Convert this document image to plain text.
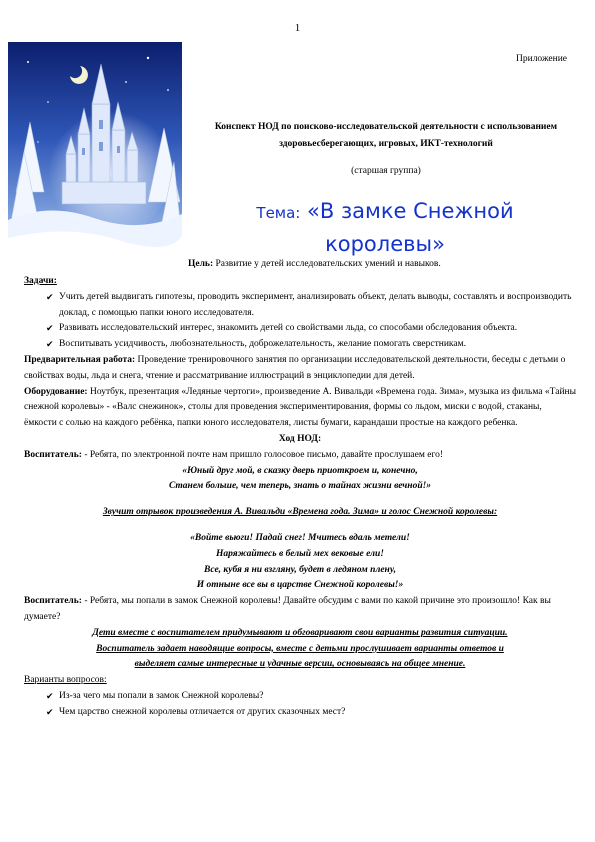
1
Приложение
Конспект НОД по поисково-исследовательской деятельности с использованием здоровьесберегающих, игровых, ИКТ-технологий
(старшая группа)
Тема: «В замке Снежной королевы»
Цель: Развитие у детей исследовательских умений и навыков.

Задачи:

✔ Учить детей выдвигать гипотезы, проводить эксперимент, анализировать объект, делать выводы, составлять и воспроизводить доклад, с помощью папки юного исследователя.
✔ Развивать исследовательский интерес, знакомить детей со свойствами льда, со способами обследования объекта.
✔ Воспитывать усидчивость, любознательность, доброжелательность, желание помогать сверстникам.

Предварительная работа: Проведение тренировочного занятия по организации исследовательской деятельности, беседы с детьми о свойствах воды, льда и снега, чтение и рассматривание иллюстраций в энциклопедии для детей.

Оборудование: Ноутбук, презентация «Ледяные чертоги», произведение А. Вивальди «Времена года. Зима», музыка из фильма «Тайны снежной королевы» - «Валс снежинок», столы для проведения экспериментирования, формы со льдом, миски с водой, стаканы, ёмкости с солью на каждого ребёнка, папки юного исследователя, листы бумаги, карандаши простые на каждого ребенка.

Ход НОД:

Воспитатель: - Ребята, по электронной почте нам пришло голосовое письмо, давайте прослушаем его!

«Юный друг мой, в сказку дверь приоткроем и, конечно,

Станем больше, чем теперь, знать о тайнах жизни вечной!»

Звучит отрывок произведения А. Вивальди «Времена года. Зима» и голос Снежной королевы:

«Войте вьюги! Падай снег! Мчитесь вдаль метели!

Наряжайтесь в белый мех вековые ели!

Все, кубя я ни взгляну, будет в ледяном плену,

И отныне все вы в царстве Снежной королевы!»

Воспитатель: - Ребята, мы попали в замок Снежной королевы! Давайте обсудим с вами по какой причине это произошло! Как вы думаете?

Дети вместе с воспитателем придумывают и обговаривают свои варианты развития ситуации.

Воспитатель задает наводящие вопросы, вместе с детьми прослушивает варианты ответов и

выделяет самые интересные и удачные версии, основываясь на общее мнение.

Варианты вопросов:

✔ Из-за чего мы попали в замок Снежной королевы?
✔ Чем царство снежной королевы отличается от других сказочных мест?
